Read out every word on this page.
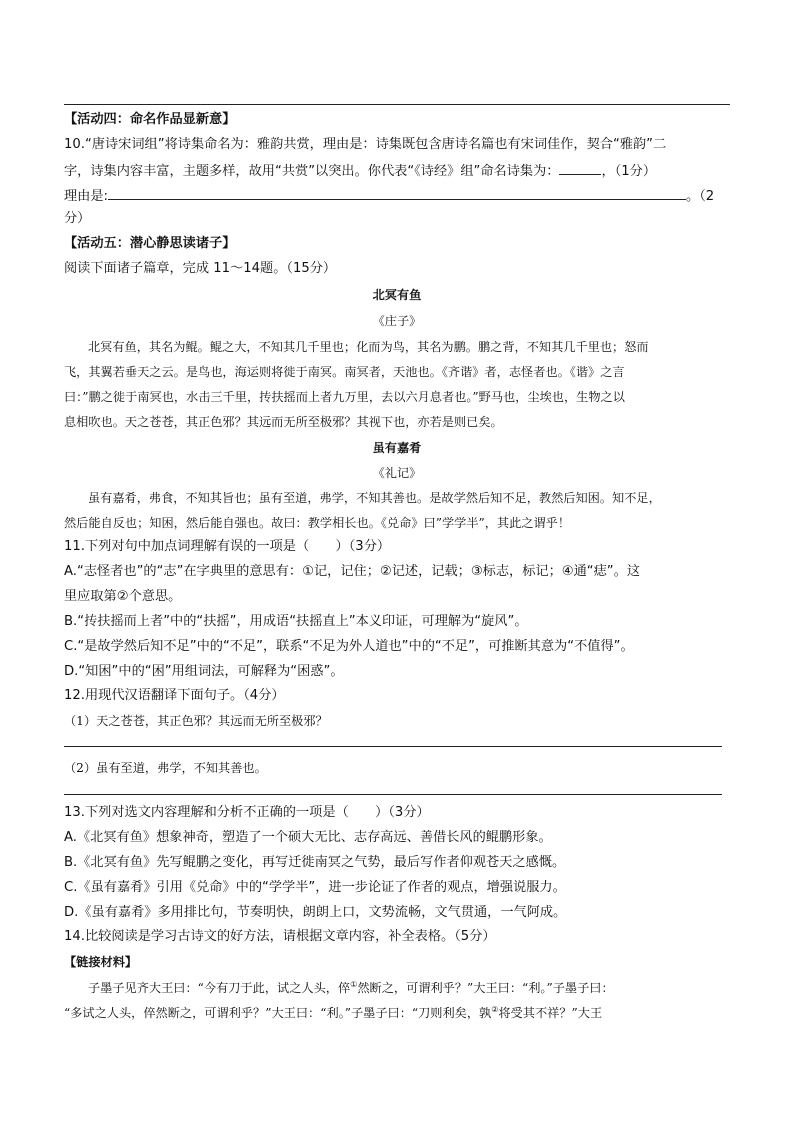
【活动四：命名作品显新意】
10.“唐诗宋词组”将诗集命名为：雅韵共赏，理由是：诗集既包含唐诗名篇也有宋词佳作，契合“雅韵”二
字，诗集内容丰富，主题多样，故用“共赏”以突出。你代表“《诗经》组”命名诗集为：	，（1分）
理由是:	。（2
分）
【活动五：潜心静思读诸子】
阅读下面诸子篇章，完成 11～14题。（15分）
北冥有鱼
《庄子》
北冥有鱼，其名为鲲。鲲之大，不知其几千里也；化而为鸟，其名为鹏。鹏之背，不知其几千里也；怒而
飞，其翼若垂天之云。是鸟也，海运则将徙于南冥。南冥者，天池也。《齐谐》者，志怪者也。《谐》之言
曰：”鹏之徙于南冥也，水击三千里，抟扶摇而上者九万里，去以六月息者也。”野马也，尘埃也，生物之以
息相吹也。天之苍苍，其正色邪？其远而无所至极邪？其视下也，亦若是则已矣。
虽有嘉肴
《礼记》
虽有嘉肴，弗食，不知其旨也；虽有至道，弗学，不知其善也。是故学然后知不足，教然后知困。知不足，
然后能自反也；知困，然后能自强也。故曰：教学相长也。《兑命》曰”学学半”，其此之谓乎！
11.下列对句中加点词理解有误的一项是（　　）（3分）
A.“志怪者也”的“志”在字典里的意思有：①记，记住；②记述，记载；③标志，标记；④通“痣”。这
里应取第②个意思。
B.“抟扶摇而上者”中的“扶摇”，用成语“扶摇直上”本义印证，可理解为“旋风”。
C.“是故学然后知不足”中的“不足”，联系“不足为外人道也”中的“不足”，可推断其意为“不值得”。
D.“知困”中的“困”用组词法，可解释为“困惑”。
12.用现代汉语翻译下面句子。（4分）
（1）天之苍苍，其正色邪？其远而无所至极邪？
（2）虽有至道，弗学，不知其善也。
13.下列对选文内容理解和分析不正确的一项是（　　）（3分）
A.《北冥有鱼》想象神奇，塑造了一个硕大无比、志存高远、善借长风的鲲鹏形象。
B.《北冥有鱼》先写鲲鹏之变化，再写迁徙南冥之气势，最后写作者仰观苍天之感慨。
C.《虽有嘉肴》引用《兑命》中的“学学半”，进一步论证了作者的观点，增强说服力。
D.《虽有嘉肴》多用排比句，节奏明快，朗朗上口，文势流畅，文气贯通，一气阿成。
14.比较阅读是学习古诗文的好方法，请根据文章内容，补全表格。（5分）
【链接材料】
子墨子见齐大王曰：“今有刀于此，试之人头，倅①然断之，可谓利乎？”大王曰：“利。”子墨子曰：
“多试之人头，倅然断之，可谓利乎？”大王曰：“利。”子墨子曰：“刀则利矣，孰②将受其不祥？”大王
